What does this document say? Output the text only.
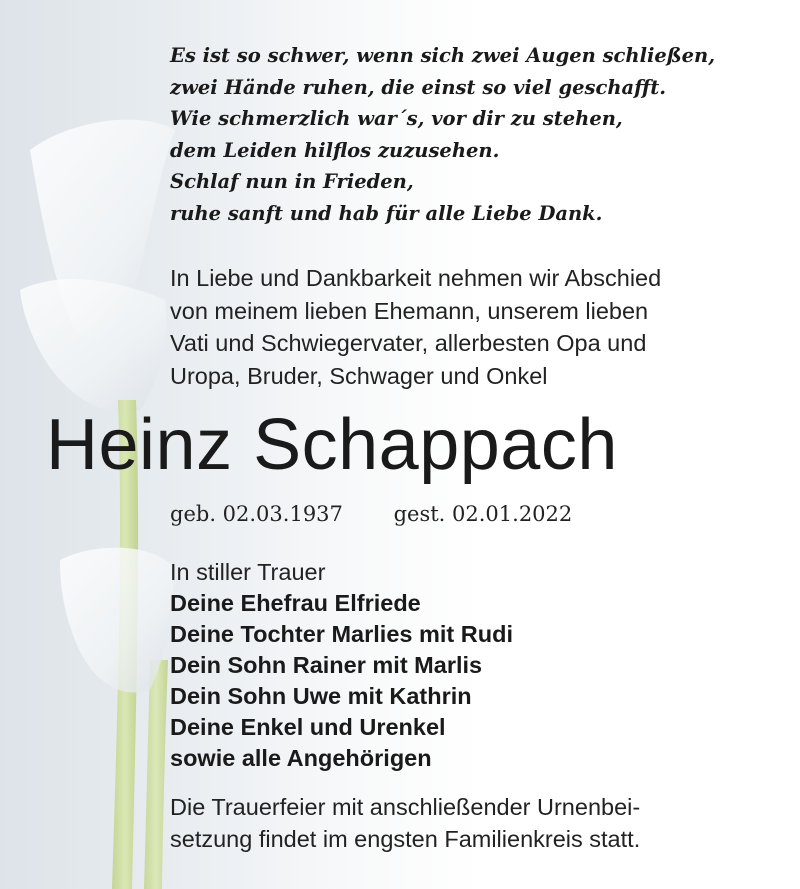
Es ist so schwer, wenn sich zwei Augen schließen,
zwei Hände ruhen, die einst so viel geschafft.
Wie schmerzlich war´s, vor dir zu stehen,
dem Leiden hilflos zuzusehen.
Schlaf nun in Frieden,
ruhe sanft und hab für alle Liebe Dank.
In Liebe und Dankbarkeit nehmen wir Abschied
von meinem lieben Ehemann, unserem lieben
Vati und Schwiegervater, allerbesten Opa und
Uropa, Bruder, Schwager und Onkel
Heinz Schappach
geb. 02.03.1937 gest. 02.01.2022
In stiller Trauer
Deine Ehefrau Elfriede
Deine Tochter Marlies mit Rudi
Dein Sohn Rainer mit Marlis
Dein Sohn Uwe mit Kathrin
Deine Enkel und Urenkel
sowie alle Angehörigen
Die Trauerfeier mit anschließender Urnenbei-
setzung findet im engsten Familienkreis statt.
